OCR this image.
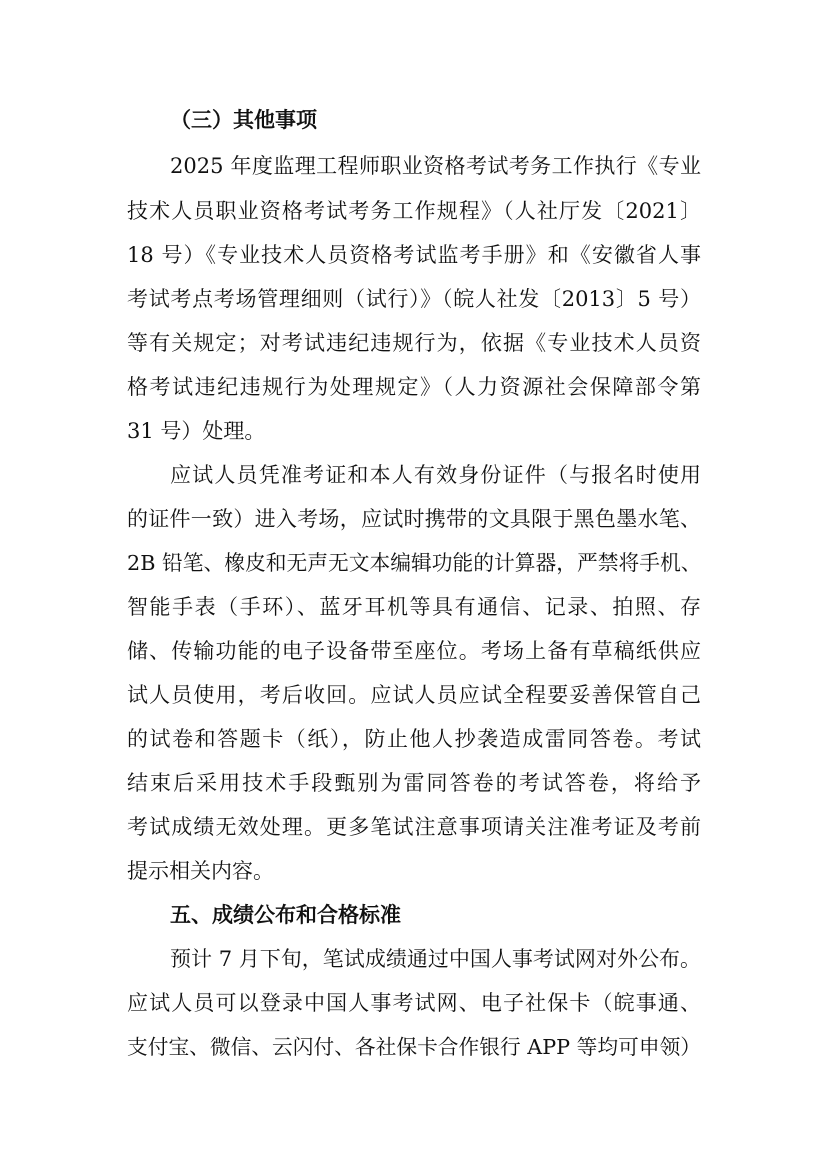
（三）其他事项
2025 年度监理工程师职业资格考试考务工作执行《专业
技术人员职业资格考试考务工作规程》（人社厅发〔2021〕
18 号）《专业技术人员资格考试监考手册》和《安徽省人事
考试考点考场管理细则（试行）》（皖人社发〔2013〕5 号）
等有关规定；对考试违纪违规行为，依据《专业技术人员资
格考试违纪违规行为处理规定》（人力资源社会保障部令第
31 号）处理。
应试人员凭准考证和本人有效身份证件（与报名时使用
的证件一致）进入考场，应试时携带的文具限于黑色墨水笔、
2B 铅笔、橡皮和无声无文本编辑功能的计算器，严禁将手机、
智能手表（手环）、蓝牙耳机等具有通信、记录、拍照、存
储、传输功能的电子设备带至座位。考场上备有草稿纸供应
试人员使用，考后收回。应试人员应试全程要妥善保管自己
的试卷和答题卡（纸），防止他人抄袭造成雷同答卷。考试
结束后采用技术手段甄别为雷同答卷的考试答卷，将给予
考试成绩无效处理。更多笔试注意事项请关注准考证及考前
提示相关内容。
五、成绩公布和合格标准
预计 7 月下旬，笔试成绩通过中国人事考试网对外公布。
应试人员可以登录中国人事考试网、电子社保卡（皖事通、
支付宝、微信、云闪付、各社保卡合作银行 APP 等均可申领）
